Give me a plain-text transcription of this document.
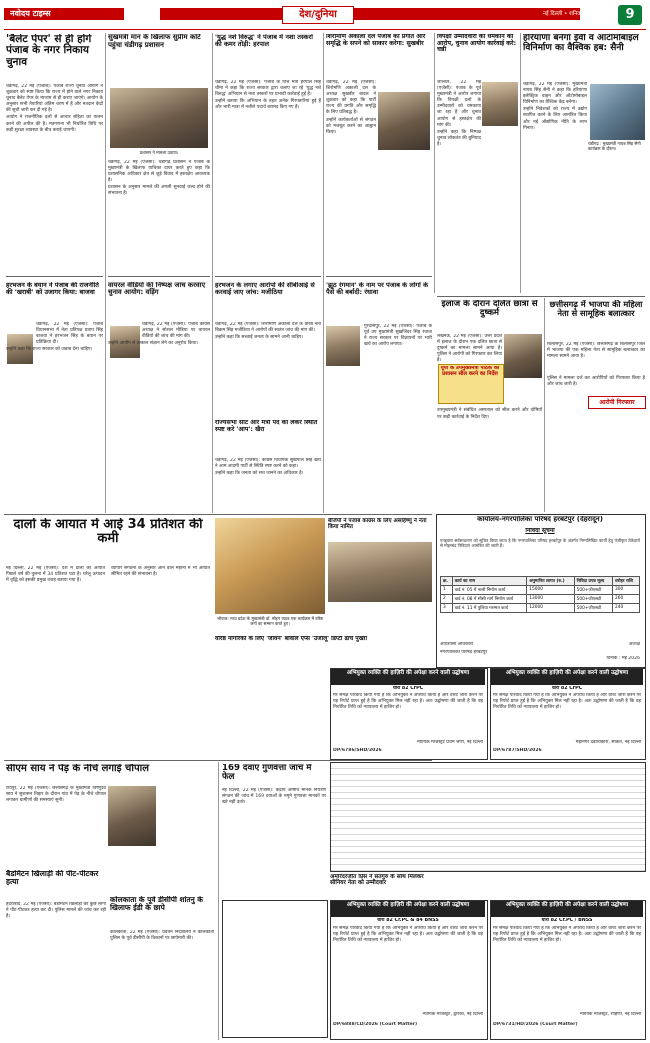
नवोदय टाइम्स	देश/दुनिया	नई दिल्ली • शनिवार 23 मई, 2026 9
'बैलेट पेपर' से ही होंगे पंजाब के नगर निकाय चुनाव

चंडीगढ़, 22 मई (पंजाब): पंजाब राज्य चुनाव आयोग ने शुक्रवार को स्पष्ट किया कि राज्य में होने वाले नगर निकाय चुनाव बैलेट पेपर के माध्यम से ही कराए जाएंगे। आयोग के अनुसार सभी तैयारियां अंतिम चरण में हैं और मतदान केंद्रों की सूची जारी कर दी गई है।

आयोग ने राजनीतिक दलों से आचार संहिता का पालन करने की अपील की है। मतगणना भी निर्धारित तिथि पर कड़ी सुरक्षा व्यवस्था के बीच कराई जाएगी।

हरभजन के बयान ने पंजाब की राजनीति की 'खराबी' को उजागर किया: बाजवा

चंडीगढ़, 22 मई (एजेंसी): पंजाब विधानसभा में नेता प्रतिपक्ष प्रताप सिंह बाजवा ने हरभजन सिंह के बयान पर प्रतिक्रिया दी।

उन्होंने कहा कि राज्य सरकार को जवाब देना चाहिए।

सुखमंत्री मान के खिलाफ सुप्रीम कोर्ट पहुंचा चंडीगढ़ प्रशासन
प्रशासन ने मामला उठाया।

चंडीगढ़, 22 मई (एजेंसी): चंडीगढ़ प्रशासन ने पंजाब के मुख्यमंत्री के खिलाफ याचिका दायर करते हुए कहा कि प्रशासनिक अधिकार क्षेत्र से जुड़े विवाद में हस्तक्षेप आवश्यक है।

प्रशासन के अनुसार मामले की अगली सुनवाई जल्द होने की संभावना है।

वायरल वीडियो की निष्पक्ष जांच करवाए चुनाव आयोग: वड़िंग

चंडीगढ़, 22 मई (एजेंसी): पंजाब कांग्रेस अध्यक्ष ने सोशल मीडिया पर वायरल वीडियो की जांच की मांग की।

उन्होंने आयोग से तत्काल संज्ञान लेने का अनुरोध किया।

'युद्ध नशे विरुद्ध' ने पंजाब में नशा तस्करों की कमर तोड़ी: हरपाल

चंडीगढ़, 22 मई (एजेंसी): पंजाब के वित्त मंत्री हरपाल सिंह चीमा ने कहा कि राज्य सरकार द्वारा चलाए जा रहे 'युद्ध नशे विरुद्ध' अभियान से नशा तस्करों पर प्रभावी कार्रवाई हुई है।

उन्होंने बताया कि अभियान के तहत अनेक गिरफ्तारियां हुई हैं और भारी मात्रा में नशीले पदार्थ बरामद किए गए हैं।

हरभजन के लगाए आरोपों की सीबीआई से करवाई जाए जांच: मजीठिया

चंडीगढ़, 22 मई (एजेंसी): शिरोमणि अकाली दल के वरिष्ठ नेता बिक्रम सिंह मजीठिया ने आरोपों की स्वतंत्र जांच की मांग की।

उन्होंने कहा कि सच्चाई जनता के सामने आनी चाहिए।

शिरोमणि अकाली दल पंजाब की प्रगति और समृद्धि के सपने को साकार करेगा: सुखबीर

चंडीगढ़, 22 मई (एजेंसी): शिरोमणि अकाली दल के अध्यक्ष सुखबीर बादल ने शुक्रवार को कहा कि पार्टी राज्य की प्रगति और समृद्धि के लिए प्रतिबद्ध है।

उन्होंने कार्यकर्ताओं से संगठन को मजबूत करने का आह्वान किया।

'झूठ रंगमान' के नाम पर पंजाब के लोगों के पैसे की बर्बादी: रंधावा

गुरदासपुर, 22 मई (एजेंसी): पंजाब के पूर्व उप मुख्यमंत्री सुखजिंदर सिंह रंधावा ने राज्य सरकार पर विज्ञापनों पर भारी खर्च का आरोप लगाया।

राज्यसभा सीट और मंत्री पद को लेकर स्थिति स्पष्ट करे 'आप': खैरा

चंडीगढ़, 22 मई (एजेंसी): कांग्रेस विधायक सुखपाल सिंह खैरा ने आम आदमी पार्टी से स्थिति स्पष्ट करने को कहा।

उन्होंने कहा कि जनता को सच जानने का अधिकार है।

विपक्षी उम्मीदवारों को धमकाने का आरोप, चुनाव आयोग कार्रवाई करे: चन्नी

जालंधर, 22 मई (एजेंसी): पंजाब के पूर्व मुख्यमंत्री ने आरोप लगाया कि विपक्षी दलों के उम्मीदवारों को धमकाया जा रहा है और चुनाव आयोग से हस्तक्षेप की मांग की।

उन्होंने कहा कि निष्पक्ष चुनाव लोकतंत्र की बुनियाद है।

हरियाणा बनेगा ईवी व ऑटोमोबाइल विनिर्माण का वैश्विक हब: सैनी
चंडीगढ़ : मुख्यमंत्री नायब सिंह सैनी कार्यक्रम के दौरान।

चंडीगढ़, 22 मई (एजेंसी): मुख्यमंत्री नायब सिंह सैनी ने कहा कि हरियाणा इलेक्ट्रिक वाहन और ऑटोमोबाइल विनिर्माण का वैश्विक केंद्र बनेगा।

उन्होंने निवेशकों को राज्य में उद्योग स्थापित करने के लिए आमंत्रित किया और नई औद्योगिक नीति के लाभ गिनाए।

इलाज के दौरान दलित छात्रा से दुष्कर्म
यूपी के उपमुख्यमंत्री पाठक का प्रशासन सील करने का निर्देश

लखनऊ, 22 मई (एजेंसी): उत्तर प्रदेश में इलाज के दौरान एक दलित छात्रा से दुष्कर्म का मामला सामने आया है। पुलिस ने आरोपी को गिरफ्तार कर लिया है।

उपमुख्यमंत्री ने संबंधित अस्पताल को सील करने और दोषियों पर कड़ी कार्रवाई के निर्देश दिए।

छत्तीसगढ़ में भाजपा की महिला नेता से सामूहिक बलात्कार

बिलासपुर, 22 मई (एजेंसी): छत्तीसगढ़ के बिलासपुर जिले में भाजपा की एक महिला नेता से सामूहिक बलात्कार का मामला सामने आया है।

पुलिस ने मामला दर्ज कर आरोपियों को गिरफ्तार किया है और जांच जारी है।

आरोपी गिरफ्तार
दालों के आयात में आई 34 प्रतिशत की कमी

नई दिल्ली, 22 मई (एजेंसी): देश में दालों का आयात पिछले वर्ष की तुलना में 34 प्रतिशत घटा है। घरेलू उत्पादन में वृद्धि को इसकी प्रमुख वजह बताया गया है।

व्यापार संगठनों के अनुसार आने वाले महीनों में भी आयात सीमित रहने की संभावना है।

भोपाल: मध्य प्रदेश के मुख्यमंत्री डॉ. मोहन यादव एक कार्यक्रम में वरिष्ठ जनों का सम्मान करते हुए।
वरिष्ठ नागरिकों के लिए 'जीवन' बोवाल एप्स 'उजालू' डिप्टी ढांचे पुख्ता
बीजेपी ने पंजाब कांग्रेस के लिए असहिष्णु ने नेता किया नामित
सीएम साय ने पेड़ के नीचे लगाई चौपाल

रायपुर, 22 मई (एजेंसी): छत्तीसगढ़ के मुख्यमंत्री विष्णुदेव साय ने सुशासन तिहार के दौरान गांव में पेड़ के नीचे चौपाल लगाकर ग्रामीणों की समस्याएं सुनीं।

बैडमिंटन खिलाड़ी की पीट-पीटकर हत्या

हैदराबाद, 22 मई (एजेंसी): बैडमिंटन खिलाड़ी की कुछ लोगों ने पीट-पीटकर हत्या कर दी। पुलिस मामले की जांच कर रही है।

कोलकाता के पूर्व डीसीपी शांतनु के खिलाफ ईडी के छापे

कोलकाता, 22 मई (एजेंसी): प्रवर्तन निदेशालय ने कोलकाता पुलिस के पूर्व डीसीपी के ठिकानों पर छापेमारी की।

169 दवाएं गुणवत्ता जांच में फेल

नई दिल्ली, 22 मई (एजेंसी): केंद्रीय औषधि मानक नियंत्रण संगठन की जांच में 169 दवाओं के नमूने गुणवत्ता मानकों पर खरे नहीं उतरे।

अमरिंदरजीत प्रिंस ने सतगुरु के साथ मिलकर सीनियर नेता को उम्मीदवार
कार्यालय-नगरपालिका परिषद हरबर्टपुर (देहरादून)
निविदा सूचना
एतद्द्वारा सर्वसाधारण को सूचित किया जाता है कि नगरपालिका परिषद हरबर्टपुर के अंतर्गत निम्नलिखित कार्यों हेतु पंजीकृत ठेकेदारों से मोहरबंद निविदाएं आमंत्रित की जाती हैं।
क्र.	कार्य का नाम	अनुमानित लागत (रु.)	निविदा प्रपत्र मूल्य	धरोहर राशि
1	वार्ड नं. 05 में नाली निर्माण कार्य	15000	500+जीएसटी	300
2	वार्ड नं. 08 में सीसी मार्ग निर्माण कार्य	13000	500+जीएसटी	260
3	वार्ड नं. 11 में पुलिया मरम्मत कार्य	12000	500+जीएसटी	240
अधिशासी अधिकारी	अध्यक्ष
नगरपालिका परिषद हरबर्टपुर
दिनांक : मई 2026
अभियुक्त व्यक्ति की हाज़िरी की अपेक्षा करने वाली उद्घोषणा
धारा 82 CrPC
मेरे समक्ष परिवाद किया गया है कि अभियुक्त ने अपराध किया है और वारंट जारी करने पर यह रिपोर्ट प्राप्त हुई है कि अभियुक्त मिल नहीं रहा है। अतः उद्घोषणा की जाती है कि वह निर्धारित तिथि को न्यायालय में हाजिर हो।
न्यायिक मजिस्ट्रेट प्रथम श्रेणी, नई दिल्ली
DP/6786/SHD/2026
अभियुक्त व्यक्ति की हाज़िरी की अपेक्षा करने वाली उद्घोषणा
धारा 82 CrPC
मेरे समक्ष परिवाद किया गया है कि अभियुक्त ने अपराध किया है और वारंट जारी करने पर यह रिपोर्ट प्राप्त हुई है कि अभियुक्त मिल नहीं रहा है। अतः उद्घोषणा की जाती है कि वह निर्धारित तिथि को न्यायालय में हाजिर हो।
महानगर दंडाधिकारी, साकेत, नई दिल्ली
DP/6787/SHD/2026
अभियुक्त व्यक्ति की हाज़िरी की अपेक्षा करने वाली उद्घोषणा
धारा 82 Cr.PC & 84 BNSS
मेरे समक्ष परिवाद किया गया है कि अभियुक्त ने अपराध किया है और वारंट जारी करने पर यह रिपोर्ट प्राप्त हुई है कि अभियुक्त मिल नहीं रहा है। अतः उद्घोषणा की जाती है कि वह निर्धारित तिथि को न्यायालय में हाजिर हो।
न्यायिक मजिस्ट्रेट, द्वारका, नई दिल्ली
DP/6888/CD/2026 (Court Matter)
अभियुक्त व्यक्ति की हाज़िरी की अपेक्षा करने वाली उद्घोषणा
धारा 82 Cr.PC / BNSS
मेरे समक्ष परिवाद किया गया है कि अभियुक्त ने अपराध किया है और वारंट जारी करने पर यह रिपोर्ट प्राप्त हुई है कि अभियुक्त मिल नहीं रहा है। अतः उद्घोषणा की जाती है कि वह निर्धारित तिथि को न्यायालय में हाजिर हो।
न्यायिक मजिस्ट्रेट, रोहिणी, नई दिल्ली
DP/6731/HD/2026 (Court Matter)
